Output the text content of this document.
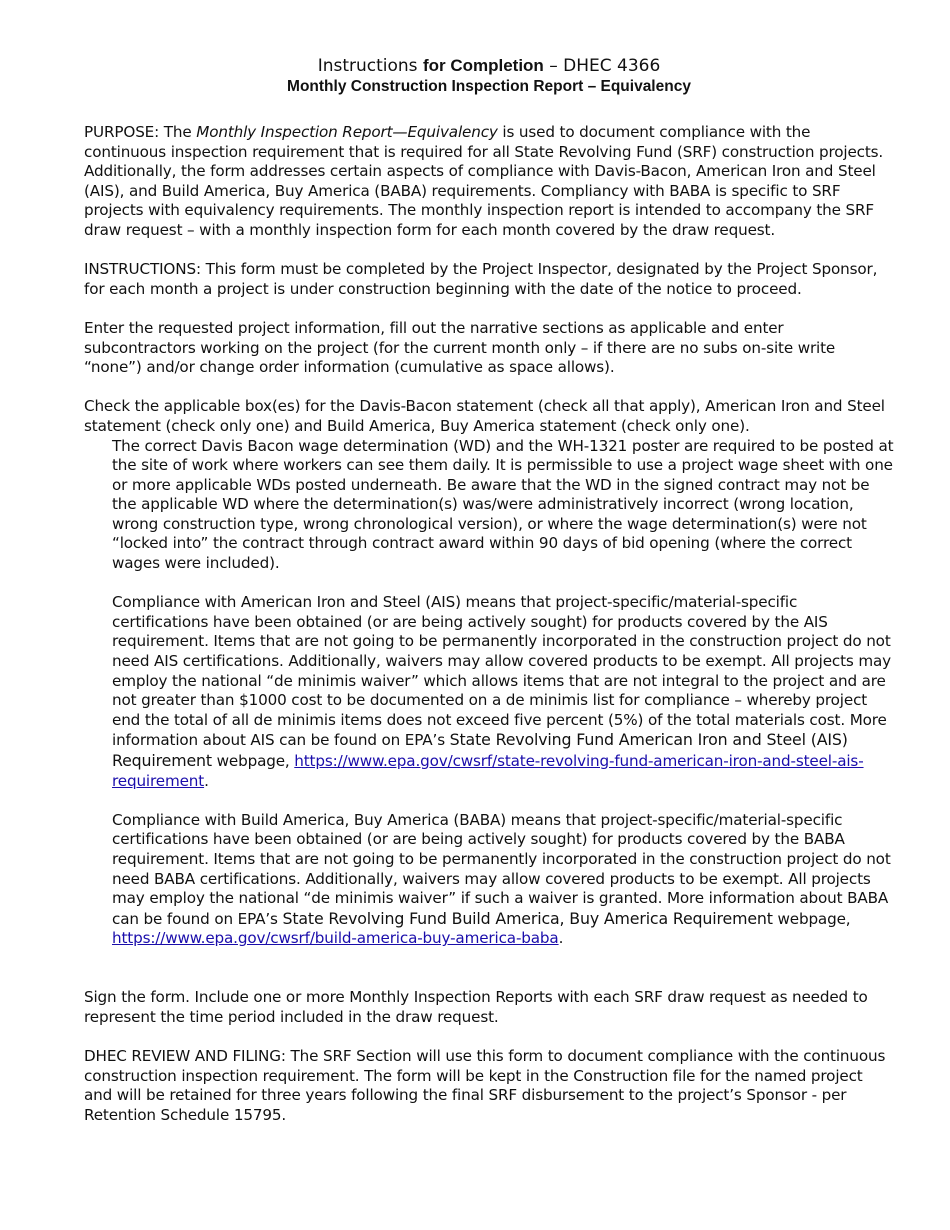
Instructions for Completion – DHEC 4366
Monthly Construction Inspection Report – Equivalency

PURPOSE: The Monthly Inspection Report—Equivalency is used to document compliance with the continuous inspection requirement that is required for all State Revolving Fund (SRF) construction projects. Additionally, the form addresses certain aspects of compliance with Davis-Bacon, American Iron and Steel (AIS), and Build America, Buy America (BABA) requirements. Compliancy with BABA is specific to SRF projects with equivalency requirements. The monthly inspection report is intended to accompany the SRF draw request – with a monthly inspection form for each month covered by the draw request.

INSTRUCTIONS: This form must be completed by the Project Inspector, designated by the Project Sponsor, for each month a project is under construction beginning with the date of the notice to proceed.

Enter the requested project information, fill out the narrative sections as applicable and enter subcontractors working on the project (for the current month only – if there are no subs on-site write “none”) and/or change order information (cumulative as space allows).

Check the applicable box(es) for the Davis-Bacon statement (check all that apply), American Iron and Steel statement (check only one) and Build America, Buy America statement (check only one).

The correct Davis Bacon wage determination (WD) and the WH-1321 poster are required to be posted at the site of work where workers can see them daily. It is permissible to use a project wage sheet with one or more applicable WDs posted underneath. Be aware that the WD in the signed contract may not be the applicable WD where the determination(s) was/were administratively incorrect (wrong location, wrong construction type, wrong chronological version), or where the wage determination(s) were not “locked into” the contract through contract award within 90 days of bid opening (where the correct wages were included).

Compliance with American Iron and Steel (AIS) means that project-specific/material-specific certifications have been obtained (or are being actively sought) for products covered by the AIS requirement. Items that are not going to be permanently incorporated in the construction project do not need AIS certifications. Additionally, waivers may allow covered products to be exempt. All projects may employ the national “de minimis waiver” which allows items that are not integral to the project and are not greater than $1000 cost to be documented on a de minimis list for compliance – whereby project end the total of all de minimis items does not exceed five percent (5%) of the total materials cost. More information about AIS can be found on EPA’s State Revolving Fund American Iron and Steel (AIS) Requirement webpage, https://www.epa.gov/cwsrf/state-revolving-fund-american-iron-and-steel-ais-requirement.

Compliance with Build America, Buy America (BABA) means that project-specific/material-specific certifications have been obtained (or are being actively sought) for products covered by the BABA requirement. Items that are not going to be permanently incorporated in the construction project do not need BABA certifications. Additionally, waivers may allow covered products to be exempt. All projects may employ the national “de minimis waiver” if such a waiver is granted. More information about BABA can be found on EPA’s State Revolving Fund Build America, Buy America Requirement webpage, https://www.epa.gov/cwsrf/build-america-buy-america-baba.

Sign the form. Include one or more Monthly Inspection Reports with each SRF draw request as needed to represent the time period included in the draw request.

DHEC REVIEW AND FILING: The SRF Section will use this form to document compliance with the continuous construction inspection requirement. The form will be kept in the Construction file for the named project and will be retained for three years following the final SRF disbursement to the project’s Sponsor - per Retention Schedule 15795.
